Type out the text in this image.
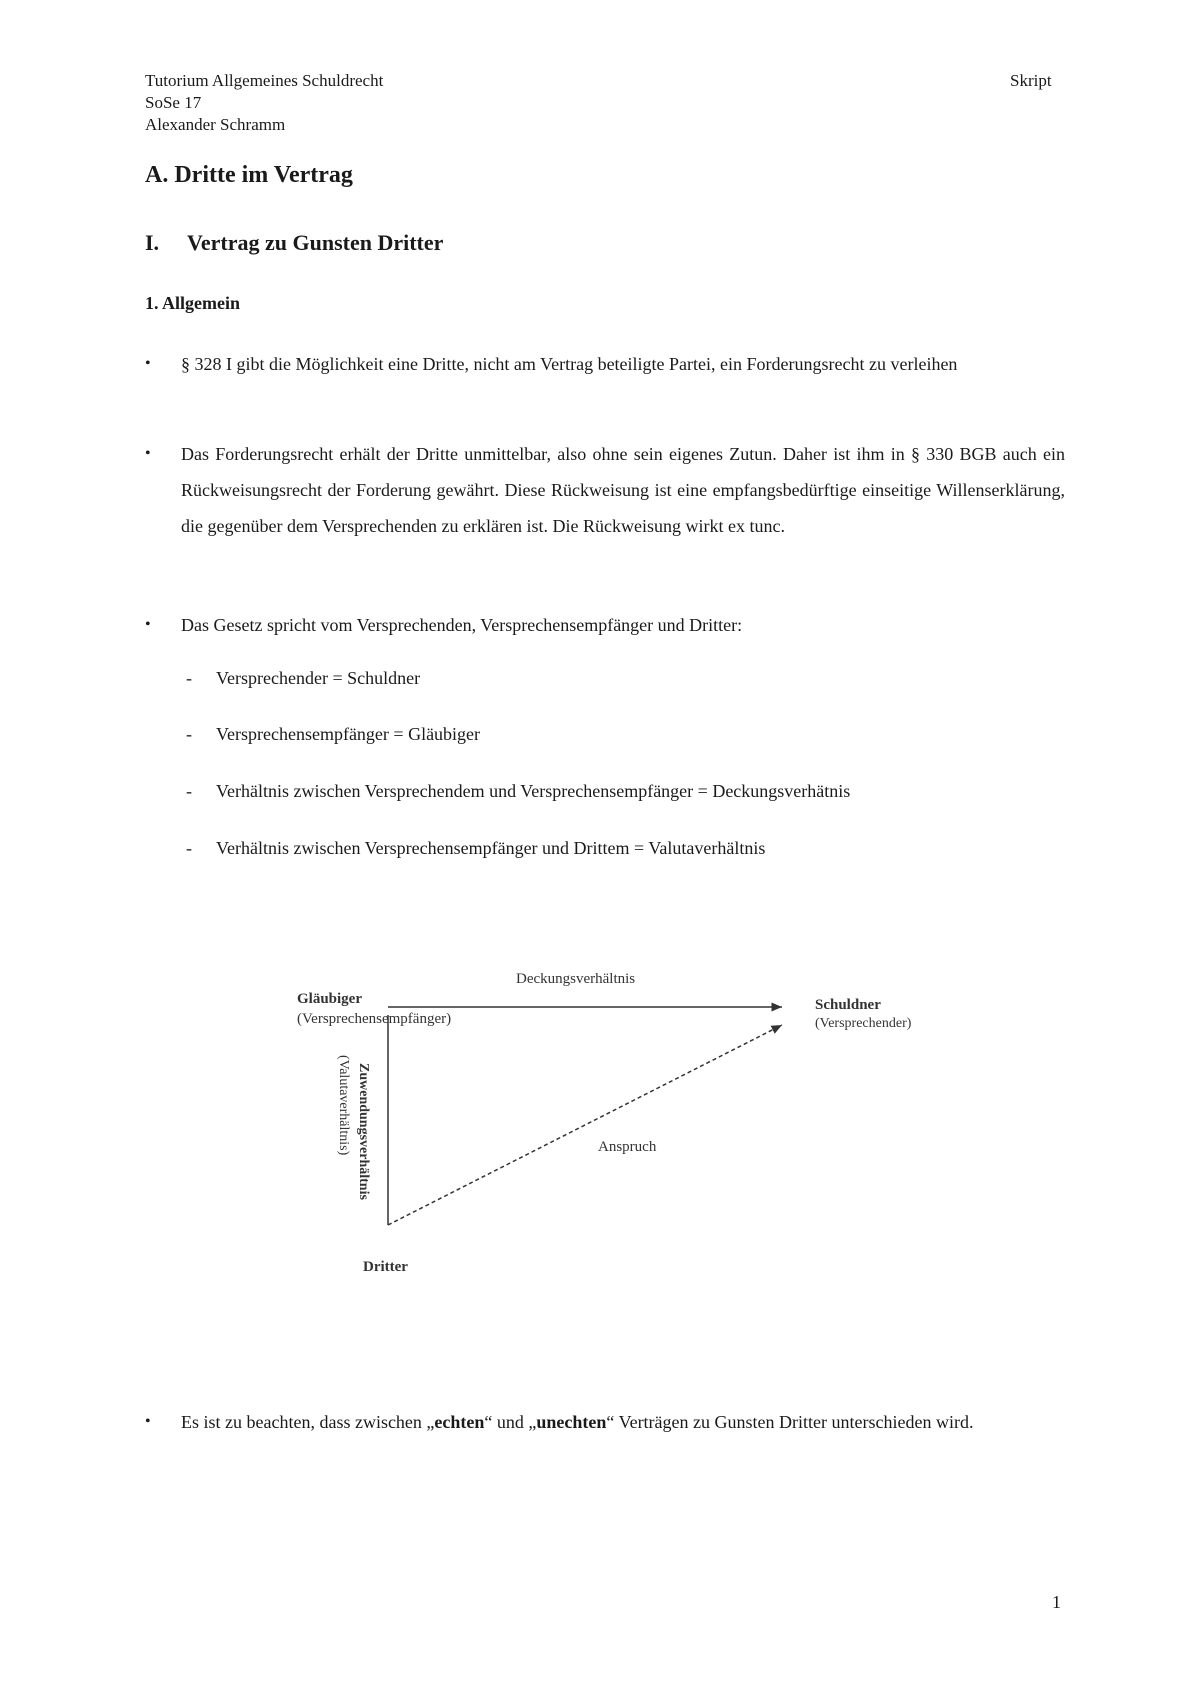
Tutorium Allgemeines Schuldrecht
SoSe 17
Alexander Schramm
Skript
A. Dritte im Vertrag
I. Vertrag zu Gunsten Dritter
1. Allgemein
• § 328 I gibt die Möglichkeit eine Dritte, nicht am Vertrag beteiligte Partei, ein Forderungsrecht zu verleihen
• Das Forderungsrecht erhält der Dritte unmittelbar, also ohne sein eigenes Zutun. Daher ist ihm in § 330 BGB auch ein Rückweisungsrecht der Forderung gewährt. Diese Rückweisung ist eine empfangsbedürftige einseitige Willenserklärung, die gegenüber dem Versprechenden zu erklären ist. Die Rückweisung wirkt ex tunc.
• Das Gesetz spricht vom Versprechenden, Versprechensempfänger und Dritter:
- Versprechender = Schuldner
- Versprechensempfänger = Gläubiger
- Verhältnis zwischen Versprechendem und Versprechensempfänger = Deckungsverhätnis
- Verhältnis zwischen Versprechensempfänger und Drittem = Valutaverhältnis
Deckungsverhältnis
Gläubiger
(Versprechensempfänger)
Schuldner
(Versprechender)
Zuwendungsverhältnis
(Valutaverhältnis)	Anspruch
Dritter
• Es ist zu beachten, dass zwischen „echten“ und „unechten“ Verträgen zu Gunsten Dritter unterschieden wird.
1
